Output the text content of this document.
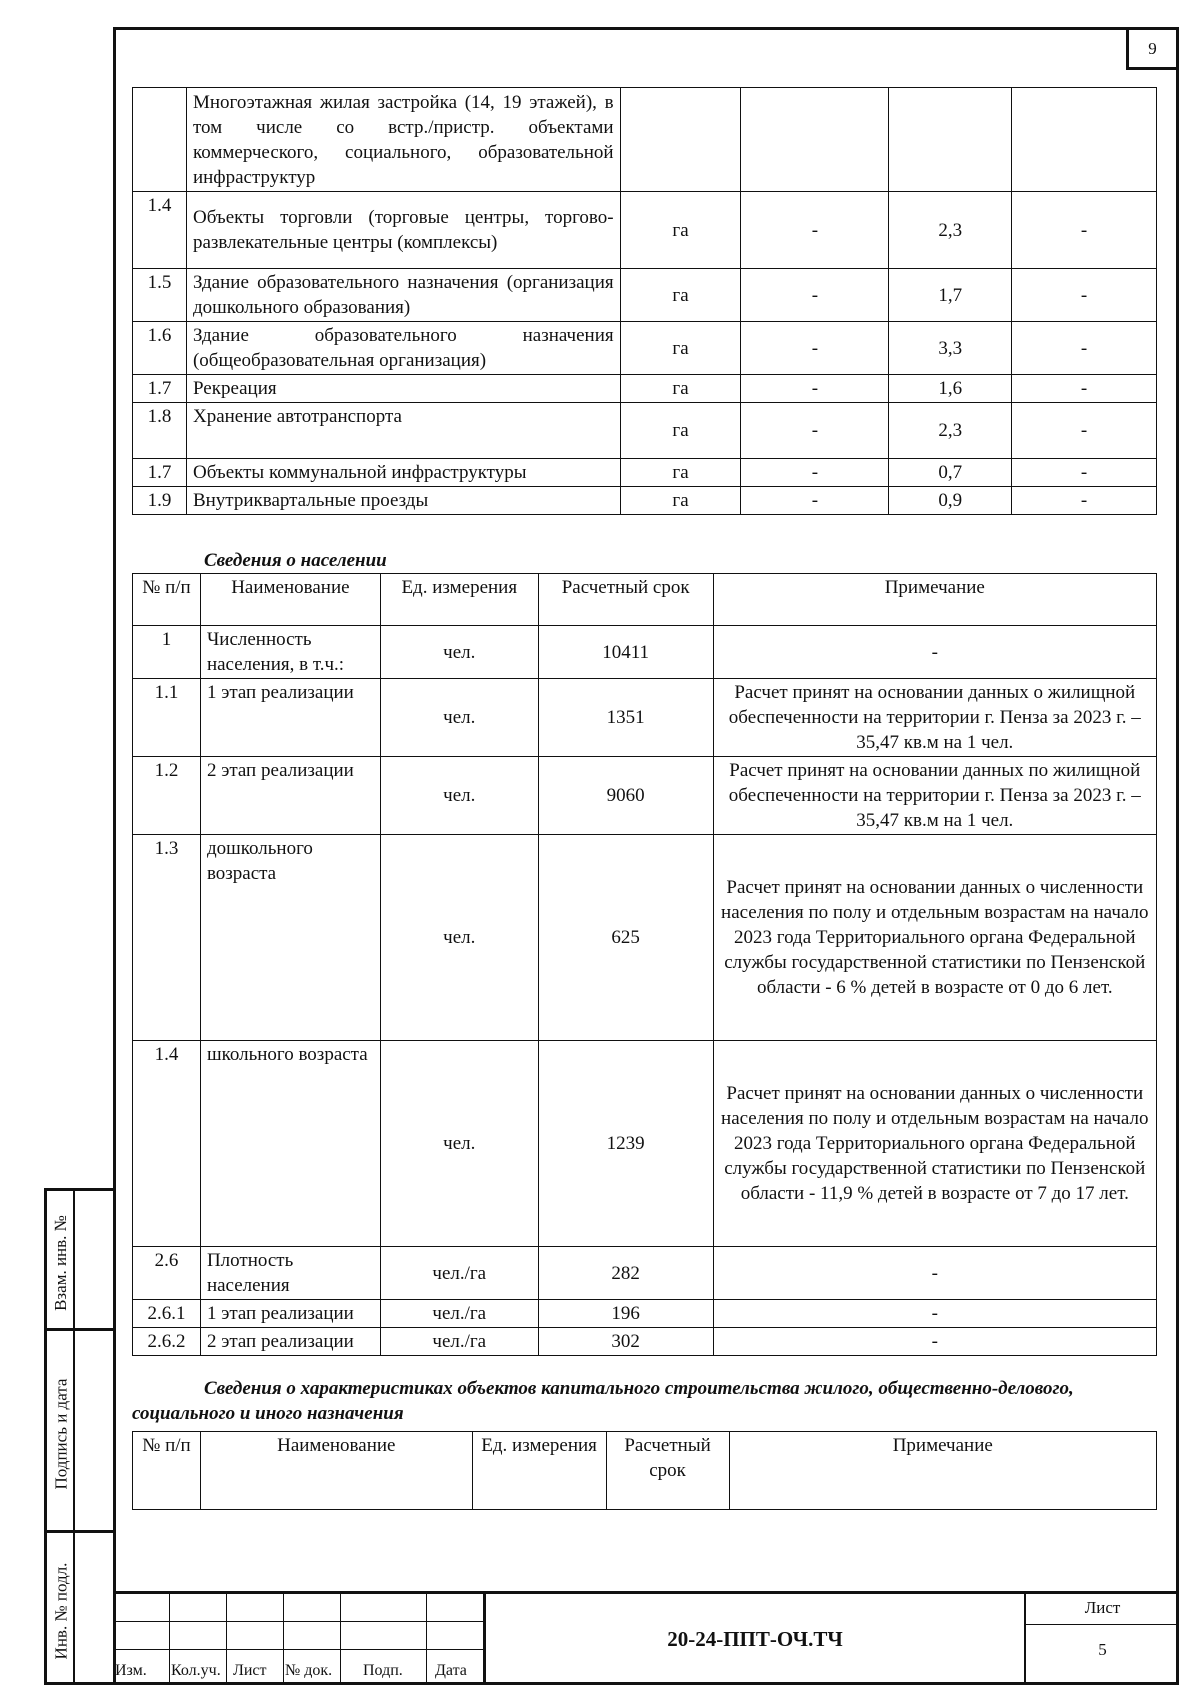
9
Взам. инв. №
Подпись и дата
Инв. № подл.
	Многоэтажная жилая застройка (14, 19 этажей), в том числе со встр./пристр. объектами коммерческого, социального, образовательной инфраструктур				
1.4	Объекты торговли (торговые центры, торгово-развлекательные центры (комплексы)	га	-	2,3	-
1.5	Здание образовательного назначения (организация дошкольного образования)	га	-	1,7	-
1.6	Здание образовательного назначения (общеобразовательная организация)	га	-	3,3	-
1.7	Рекреация	га	-	1,6	-
1.8	Хранение автотранспорта	га	-	2,3	-
1.7	Объекты коммунальной инфраструктуры	га	-	0,7	-
1.9	Внутриквартальные проезды	га	-	0,9	-
Сведения о населении
№ п/п	Наименование	Ед. измерения	Расчетный срок	Примечание
1	Численность населения, в т.ч.:	чел.	10411	-
1.1	1 этап реализации	чел.	1351	Расчет принят на основании данных о жилищной обеспеченности на территории г. Пенза за 2023 г. – 35,47 кв.м на 1 чел.
1.2	2 этап реализации	чел.	9060	Расчет принят на основании данных по жилищной обеспеченности на территории г. Пенза за 2023 г. – 35,47 кв.м на 1 чел.
1.3	дошкольного возраста	чел.	625	Расчет принят на основании данных о численности населения по полу и отдельным возрастам на начало 2023 года Территориального органа Федеральной службы государственной статистики по Пензенской области - 6 % детей в возрасте от 0 до 6 лет.
1.4	школьного возраста	чел.	1239	Расчет принят на основании данных о численности населения по полу и отдельным возрастам на начало 2023 года Территориального органа Федеральной службы государственной статистики по Пензенской области - 11,9 % детей в возрасте от 7 до 17 лет.
2.6	Плотность населения	чел./га	282	-
2.6.1	1 этап реализации	чел./га	196	-
2.6.2	2 этап реализации	чел./га	302	-
Сведения о характеристиках объектов капитального строительства жилого, общественно-делового, социального и иного назначения
№ п/п	Наименование	Ед. измерения	Расчетный срок	Примечание
Изм. Кол.уч. Лист № док. Подп. Дата
20-24-ППТ-ОЧ.ТЧ
Лист
5
